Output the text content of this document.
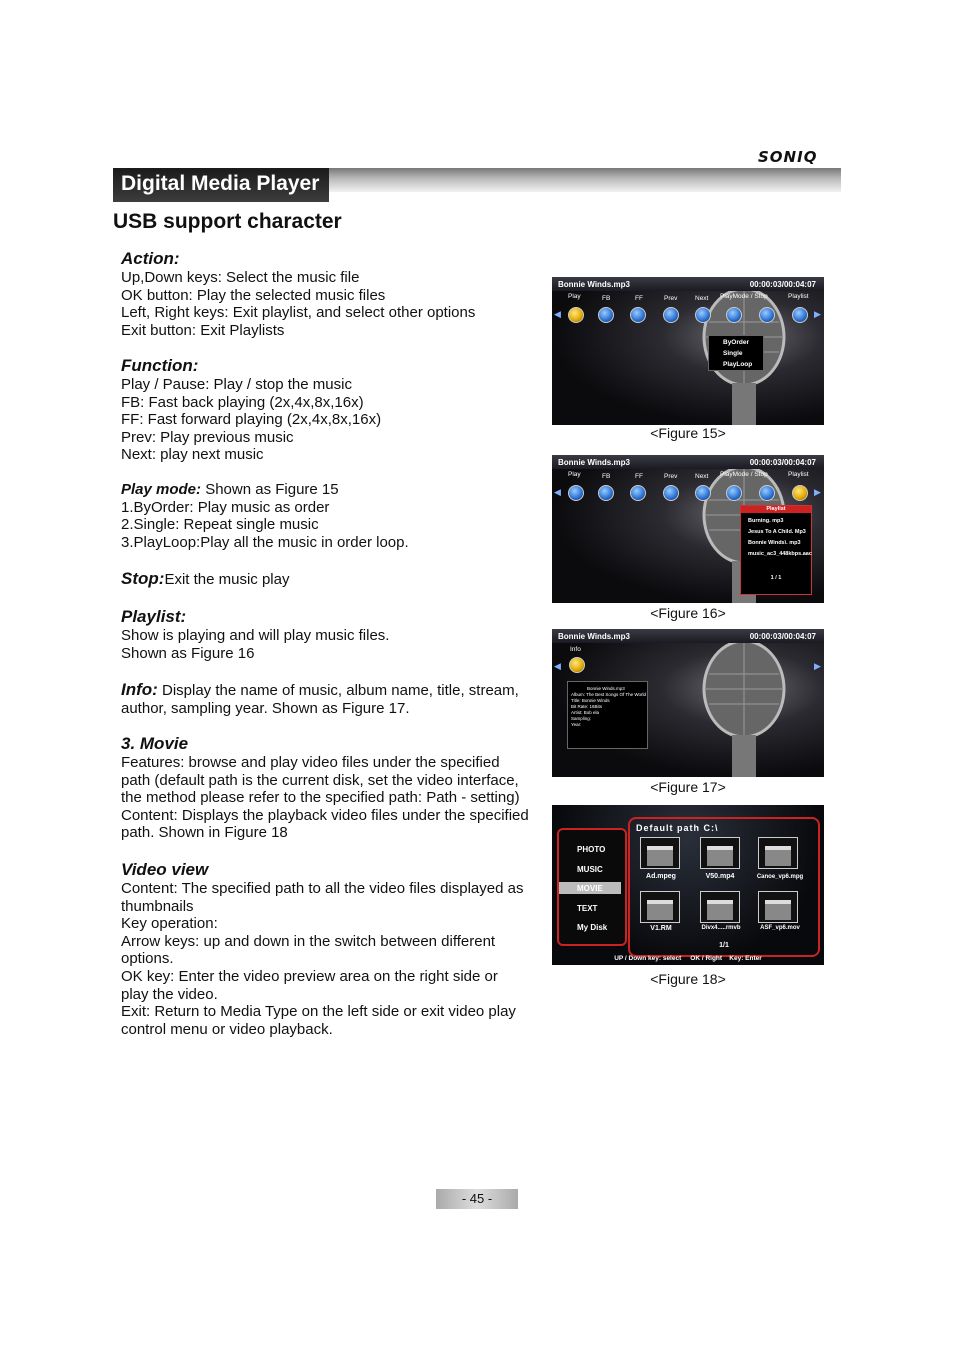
SONIQ
Digital Media Player
USB support character
Action:
Up,Down keys: Select the music file
OK button: Play the selected music files
Left, Right keys: Exit playlist, and select other options
Exit button: Exit Playlists
Function:
Play / Pause: Play / stop the music
FB: Fast back playing (2x,4x,8x,16x)
FF: Fast forward playing (2x,4x,8x,16x)
Prev: Play previous music
Next: play next music
Play mode: Shown as Figure 15
1.ByOrder: Play music as order
2.Single: Repeat single music
3.PlayLoop:Play all the music in order loop.
Stop:Exit the music play
Playlist:
Show is playing and will play music files.
Shown as Figure 16
Info: Display the name of music, album name, title, stream,
author, sampling year. Shown as Figure 17.
3. Movie
Features: browse and play video files under the specified
path (default path is the current disk, set the video interface,
the method please refer to the specified path: Path - setting)
Content: Displays the playback video files under the specified
path. Shown in Figure 18
Video view
Content: The specified path to all the video files displayed as
thumbnails
Key operation:
Arrow keys: up and down in the switch between different
options.
OK key: Enter the video preview area on the right side or
play the video.
Exit: Return to Media Type on the left side or exit video play
control menu or video playback.
Bonnie Winds.mp3	00:00:03/00:04:07
Play	FB	FF	Prev	Next PlayMode / Stop	Playlist
◀	▶
ByOrder
Single
PlayLoop
<Figure 15>
Bonnie Winds.mp3	00:00:03/00:04:07
Play	FB	FF	Prev	Next PlayMode / Stop	Playlist
◀	▶
Playlist
Burning. mp3
Jesus To A Child. Mp3
Bonnie Winds\. mp3
music_ac3_448kbps.aac
1 / 1
<Figure 16>
Bonnie Winds.mp3	00:00:03/00:04:07
Info
◀	▶
Bonnie Winds.mp3
Album: The Best Songs Of The World
Title: Bonnie Winds
Bit Rate: 16Bits
Artist: Bob ela
Sampling:
Year:
<Figure 17>
PHOTO
MUSIC
MOVIE
TEXT
My Disk
Default path C:\
Ad.mpeg	V50.mp4	Canoe_vp6.mpg
V1.RM	Divx4.....rmvb	ASF_vp6.mov
1/1
UP / Down key: select     OK / Right    Key: Enter
<Figure 18>
- 45 -
